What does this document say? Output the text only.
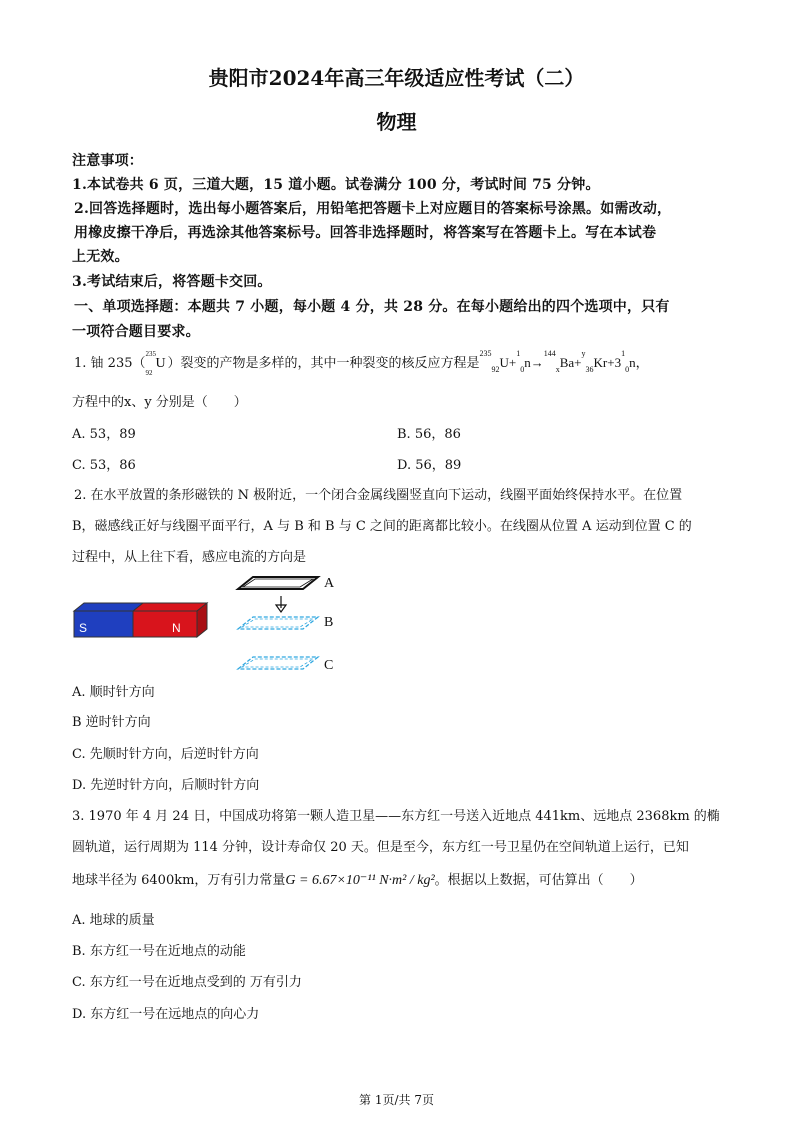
贵阳市2024年高三年级适应性考试（二）
物理
注意事项：
1.本试卷共 6 页，三道大题，15 道小题。试卷满分 100 分，考试时间 75 分钟。
2.回答选择题时，选出每小题答案后，用铅笔把答题卡上对应题目的答案标号涂黑。如需改动，
用橡皮擦干净后，再选涂其他答案标号。回答非选择题时，将答案写在答题卡上。写在本试卷
上无效。
3.考试结束后，将答题卡交回。
一、单项选择题：本题共 7 小题，每小题 4 分，共 28 分。在每小题给出的四个选项中，只有
一项符合题目要求。
1. 铀 235（
235
92
U ）裂变的产物是多样的，其中一种裂变的核反应方程是$^{235}_{92}U+^1_0n\to^{144}_xBa+^y_{36}Kr+3^1_0n$，
方程中的x、y 分别是（　　）
A. 53，89	B. 56，86
C. 53，86	D. 56，89
2. 在水平放置的条形磁铁的 N 极附近，一个闭合金属线圈竖直向下运动，线圈平面始终保持水平。在位置
B，磁感线正好与线圈平面平行，A 与 B 和 B 与 C 之间的距离都比较小。在线圈从位置 A 运动到位置 C 的
过程中，从上往下看，感应电流的方向是
S	N
A
B
C
A. 顺时针方向
B 逆时针方向
C. 先顺时针方向，后逆时针方向
D. 先逆时针方向，后顺时针方向
3. 1970 年 4 月 24 日，中国成功将第一颗人造卫星——东方红一号送入近地点 441km、远地点 2368km 的椭
圆轨道，运行周期为 114 分钟，设计寿命仅 20 天。但是至今，东方红一号卫星仍在空间轨道上运行，已知
地球半径为 6400km，万有引力常量G = 6.67×10⁻¹¹ N·m² / kg²。根据以上数据，可估算出（　　）
A. 地球的质量
B. 东方红一号在近地点的动能
C. 东方红一号在近地点受到的 万有引力
D. 东方红一号在远地点的向心力
第 1页/共 7页
